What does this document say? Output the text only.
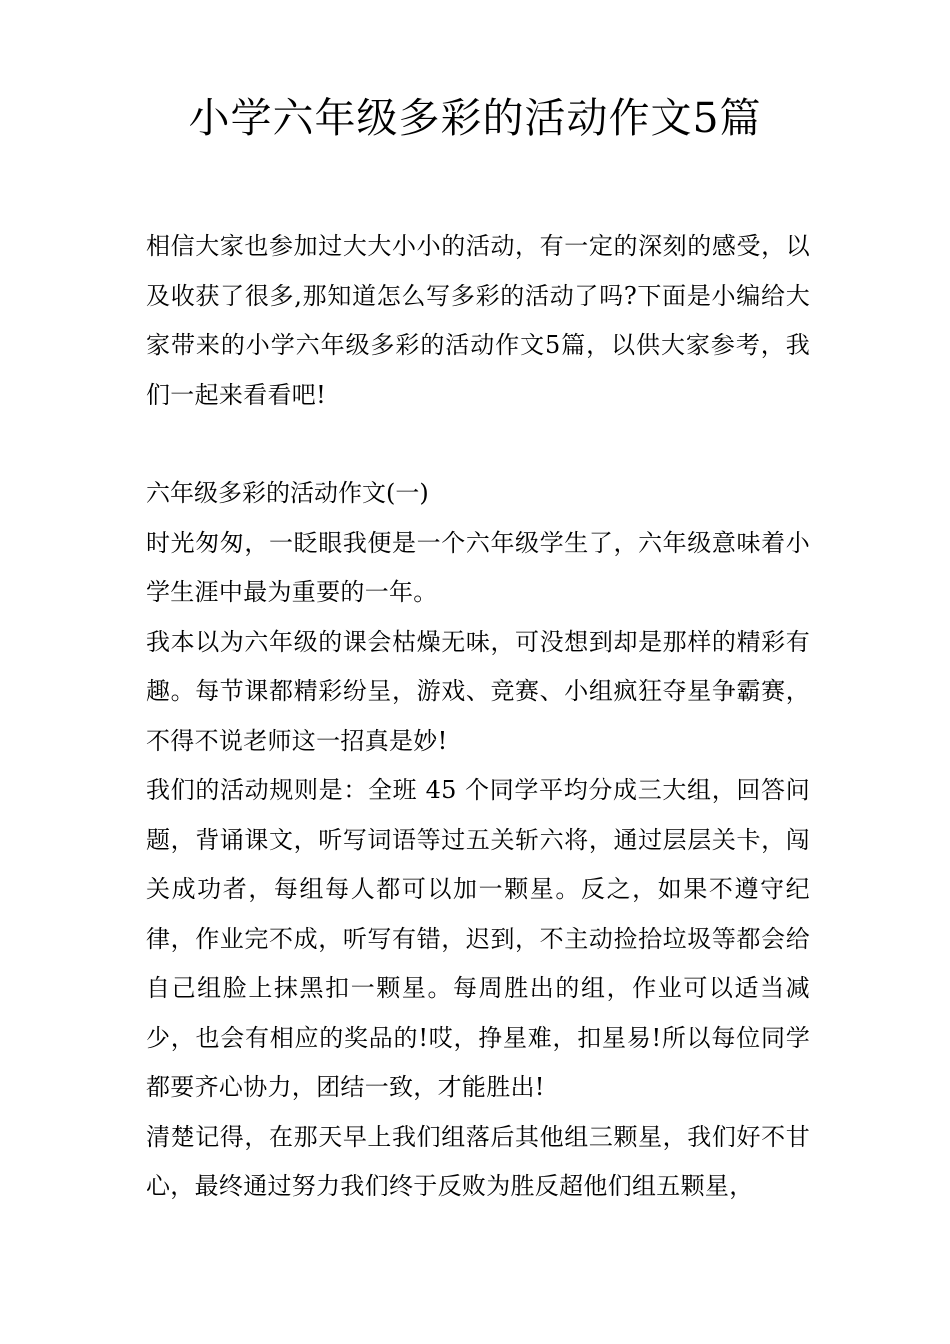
小学六年级多彩的活动作文5篇

相信大家也参加过大大小小的活动，有一定的深刻的感受，以及收获了很多,那知道怎么写多彩的活动了吗?下面是小编给大家带来的小学六年级多彩的活动作文5篇，以供大家参考，我们一起来看看吧!

六年级多彩的活动作文(一)

时光匆匆，一眨眼我便是一个六年级学生了，六年级意味着小学生涯中最为重要的一年。

我本以为六年级的课会枯燥无味，可没想到却是那样的精彩有趣。每节课都精彩纷呈，游戏、竞赛、小组疯狂夺星争霸赛，不得不说老师这一招真是妙!

我们的活动规则是：全班 45 个同学平均分成三大组，回答问题，背诵课文，听写词语等过五关斩六将，通过层层关卡，闯关成功者，每组每人都可以加一颗星。反之，如果不遵守纪律，作业完不成，听写有错，迟到，不主动捡拾垃圾等都会给自己组脸上抹黑扣一颗星。每周胜出的组，作业可以适当减少，也会有相应的奖品的!哎，挣星难，扣星易!所以每位同学都要齐心协力，团结一致，才能胜出!

清楚记得，在那天早上我们组落后其他组三颗星，我们好不甘心，最终通过努力我们终于反败为胜反超他们组五颗星，
